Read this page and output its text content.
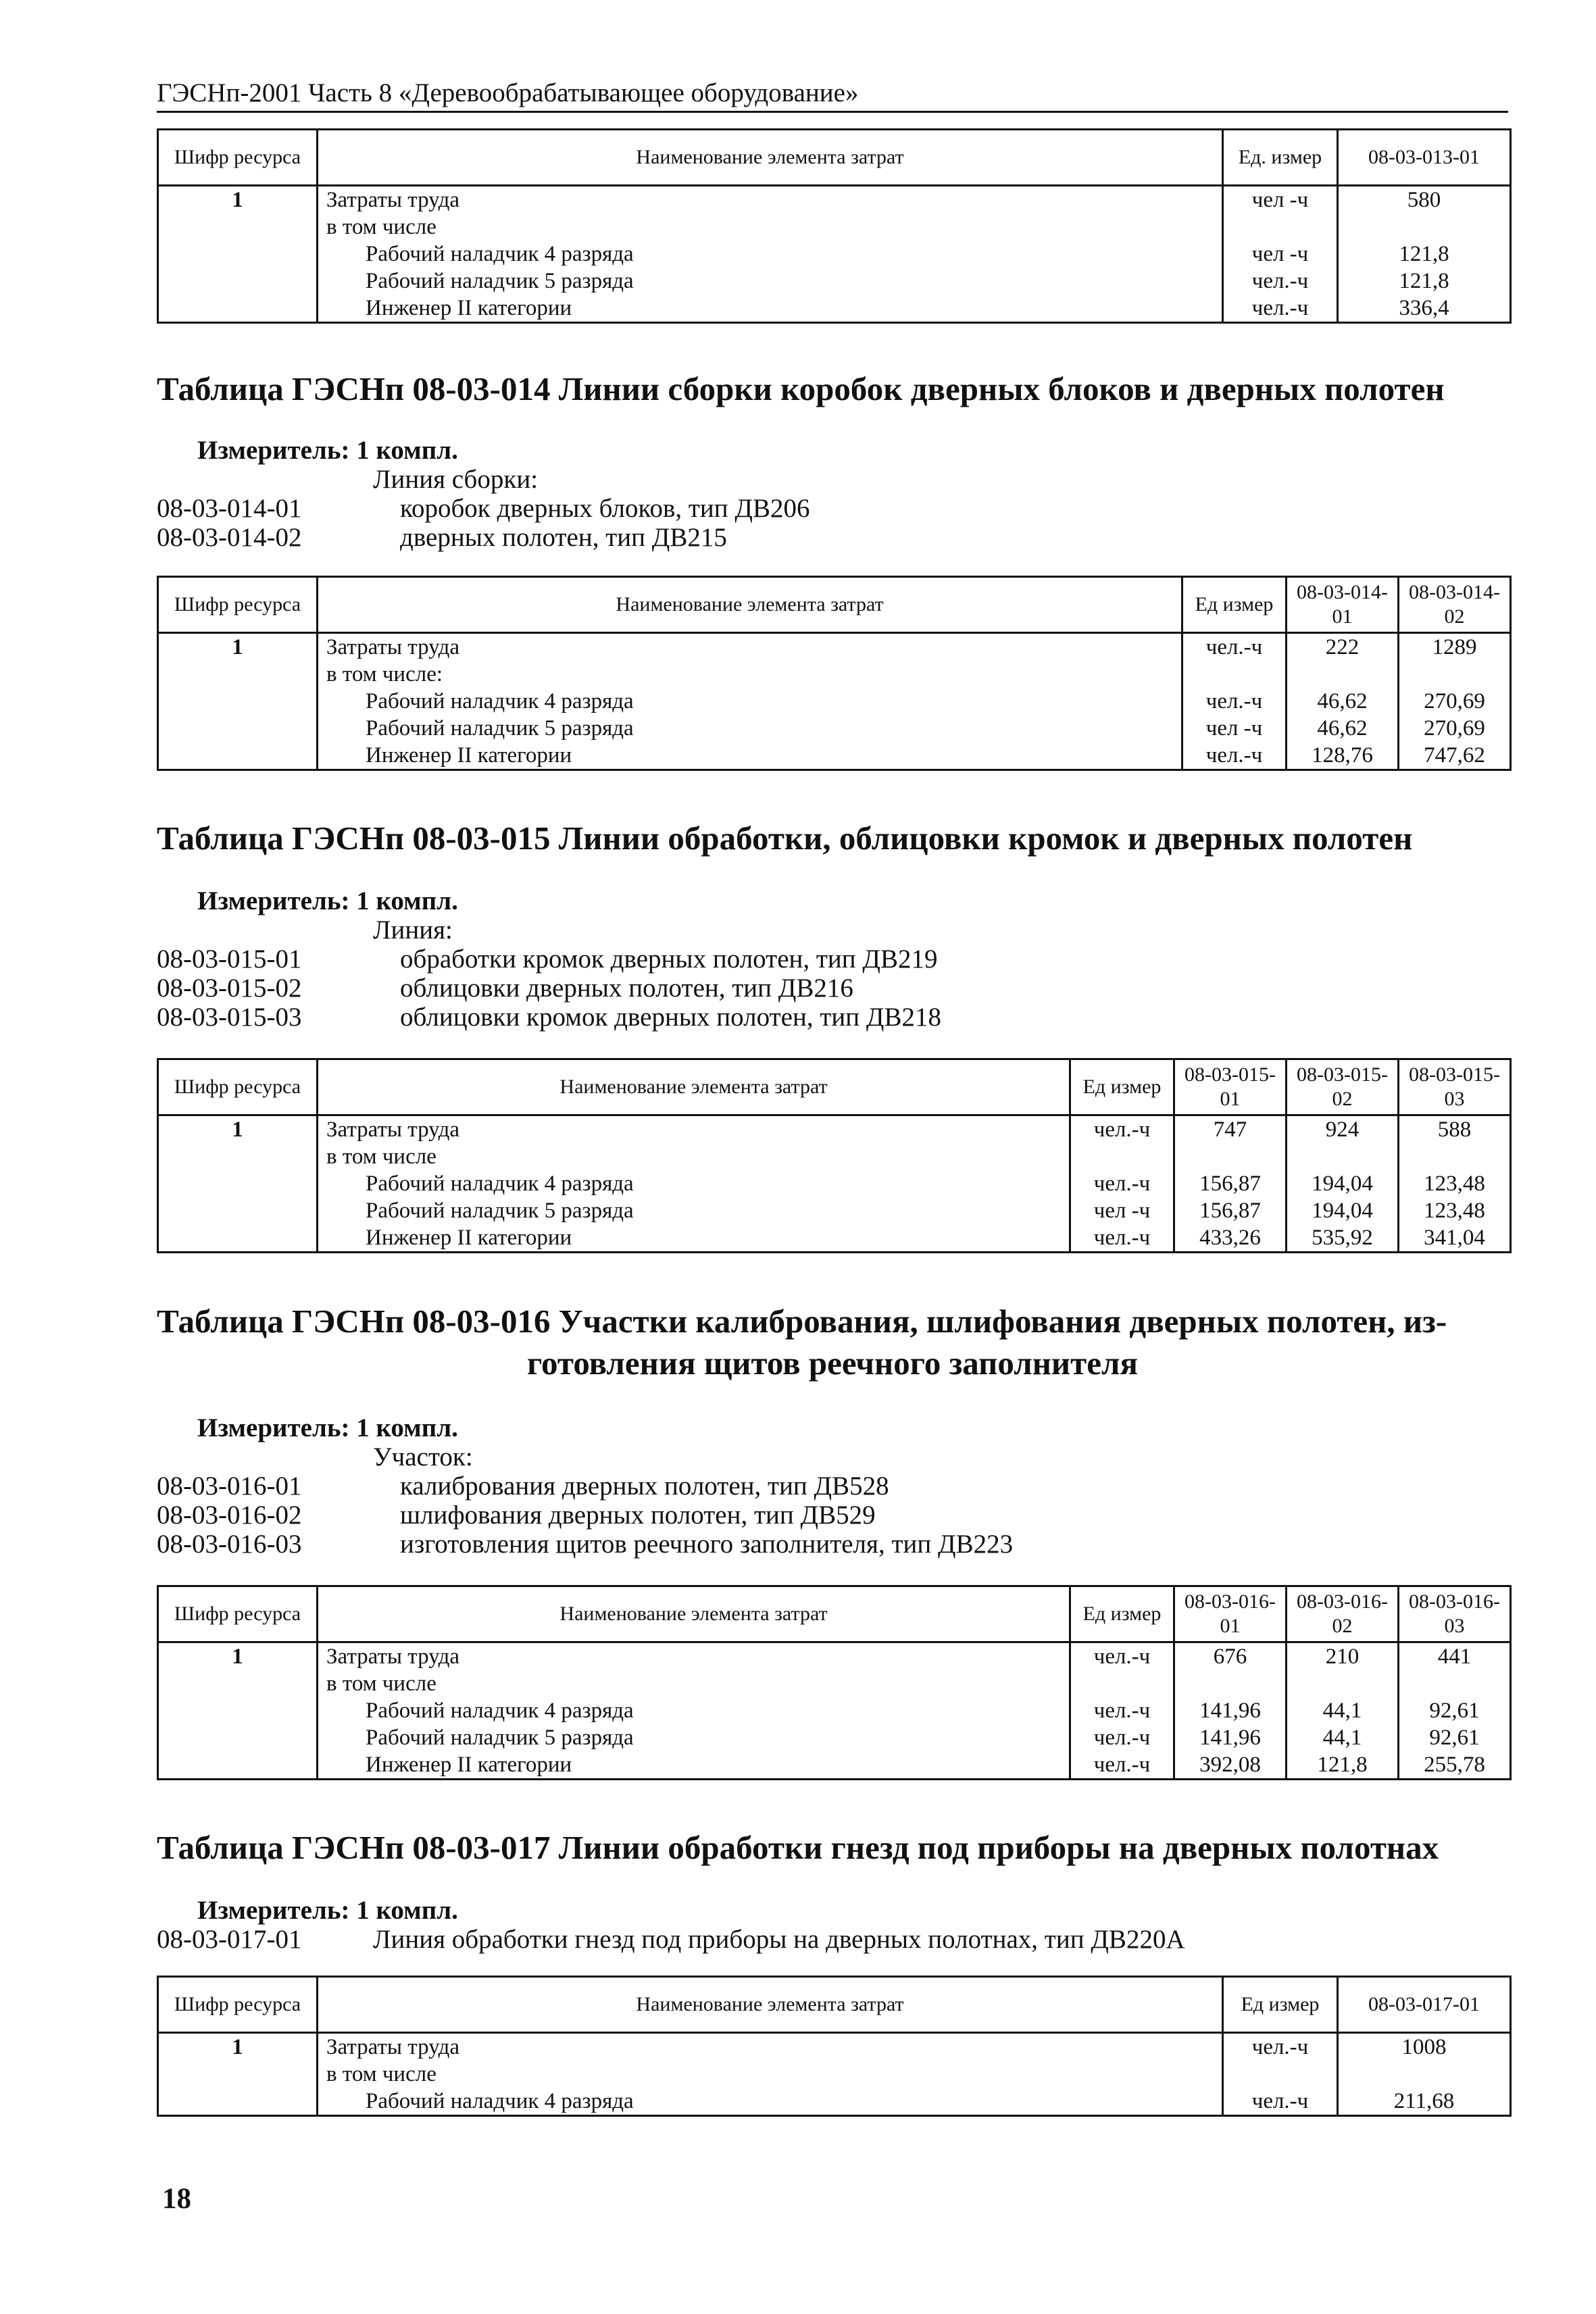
ГЭСНп-2001 Часть 8 «Деревообрабатывающее оборудование»
Шифр ресурса	Наименование элемента затрат	Ед. измер	08-03-013-01
1	Затраты труда	чел -ч	580
	в том числе		
	Рабочий наладчик 4 разряда	чел -ч	121,8
	Рабочий наладчик 5 разряда	чел.-ч	121,8
	Инженер II категории	чел.-ч	336,4
Таблица ГЭСНп 08-03-014 Линии сборки коробок дверных блоков и дверных полотен
Измеритель: 1 компл.
Линия сборки:
08-03-014-01	коробок дверных блоков, тип ДВ206
08-03-014-02	дверных полотен, тип ДВ215
Шифр ресурса	Наименование элемента затрат	Ед измер	08-03-014-01	08-03-014-02
1	Затраты труда	чел.-ч	222	1289
	в том числе:			
	Рабочий наладчик 4 разряда	чел.-ч	46,62	270,69
	Рабочий наладчик 5 разряда	чел -ч	46,62	270,69
	Инженер II категории	чел.-ч	128,76	747,62
Таблица ГЭСНп 08-03-015 Линии обработки, облицовки кромок и дверных полотен
Измеритель: 1 компл.
Линия:
08-03-015-01	обработки кромок дверных полотен, тип ДВ219
08-03-015-02	облицовки дверных полотен, тип ДВ216
08-03-015-03	облицовки кромок дверных полотен, тип ДВ218
Шифр ресурса	Наименование элемента затрат	Ед измер	08-03-015-01	08-03-015-02	08-03-015-03
1	Затраты труда	чел.-ч	747	924	588
	в том числе				
	Рабочий наладчик 4 разряда	чел.-ч	156,87	194,04	123,48
	Рабочий наладчик 5 разряда	чел -ч	156,87	194,04	123,48
	Инженер II категории	чел.-ч	433,26	535,92	341,04
Таблица ГЭСНп 08-03-016 Участки калибрования, шлифования дверных полотен, из-
готовления щитов реечного заполнителя
Измеритель: 1 компл.
Участок:
08-03-016-01	калибрования дверных полотен, тип ДВ528
08-03-016-02	шлифования дверных полотен, тип ДВ529
08-03-016-03	изготовления щитов реечного заполнителя, тип ДВ223
Шифр ресурса	Наименование элемента затрат	Ед измер	08-03-016-01	08-03-016-02	08-03-016-03
1	Затраты труда	чел.-ч	676	210	441
	в том числе				
	Рабочий наладчик 4 разряда	чел.-ч	141,96	44,1	92,61
	Рабочий наладчик 5 разряда	чел.-ч	141,96	44,1	92,61
	Инженер II категории	чел.-ч	392,08	121,8	255,78
Таблица ГЭСНп 08-03-017 Линии обработки гнезд под приборы на дверных полотнах
Измеритель: 1 компл.
08-03-017-01	Линия обработки гнезд под приборы на дверных полотнах, тип ДВ220А
Шифр ресурса	Наименование элемента затрат	Ед измер	08-03-017-01
1	Затраты труда	чел.-ч	1008
	в том числе		
	Рабочий наладчик 4 разряда	чел.-ч	211,68
18
